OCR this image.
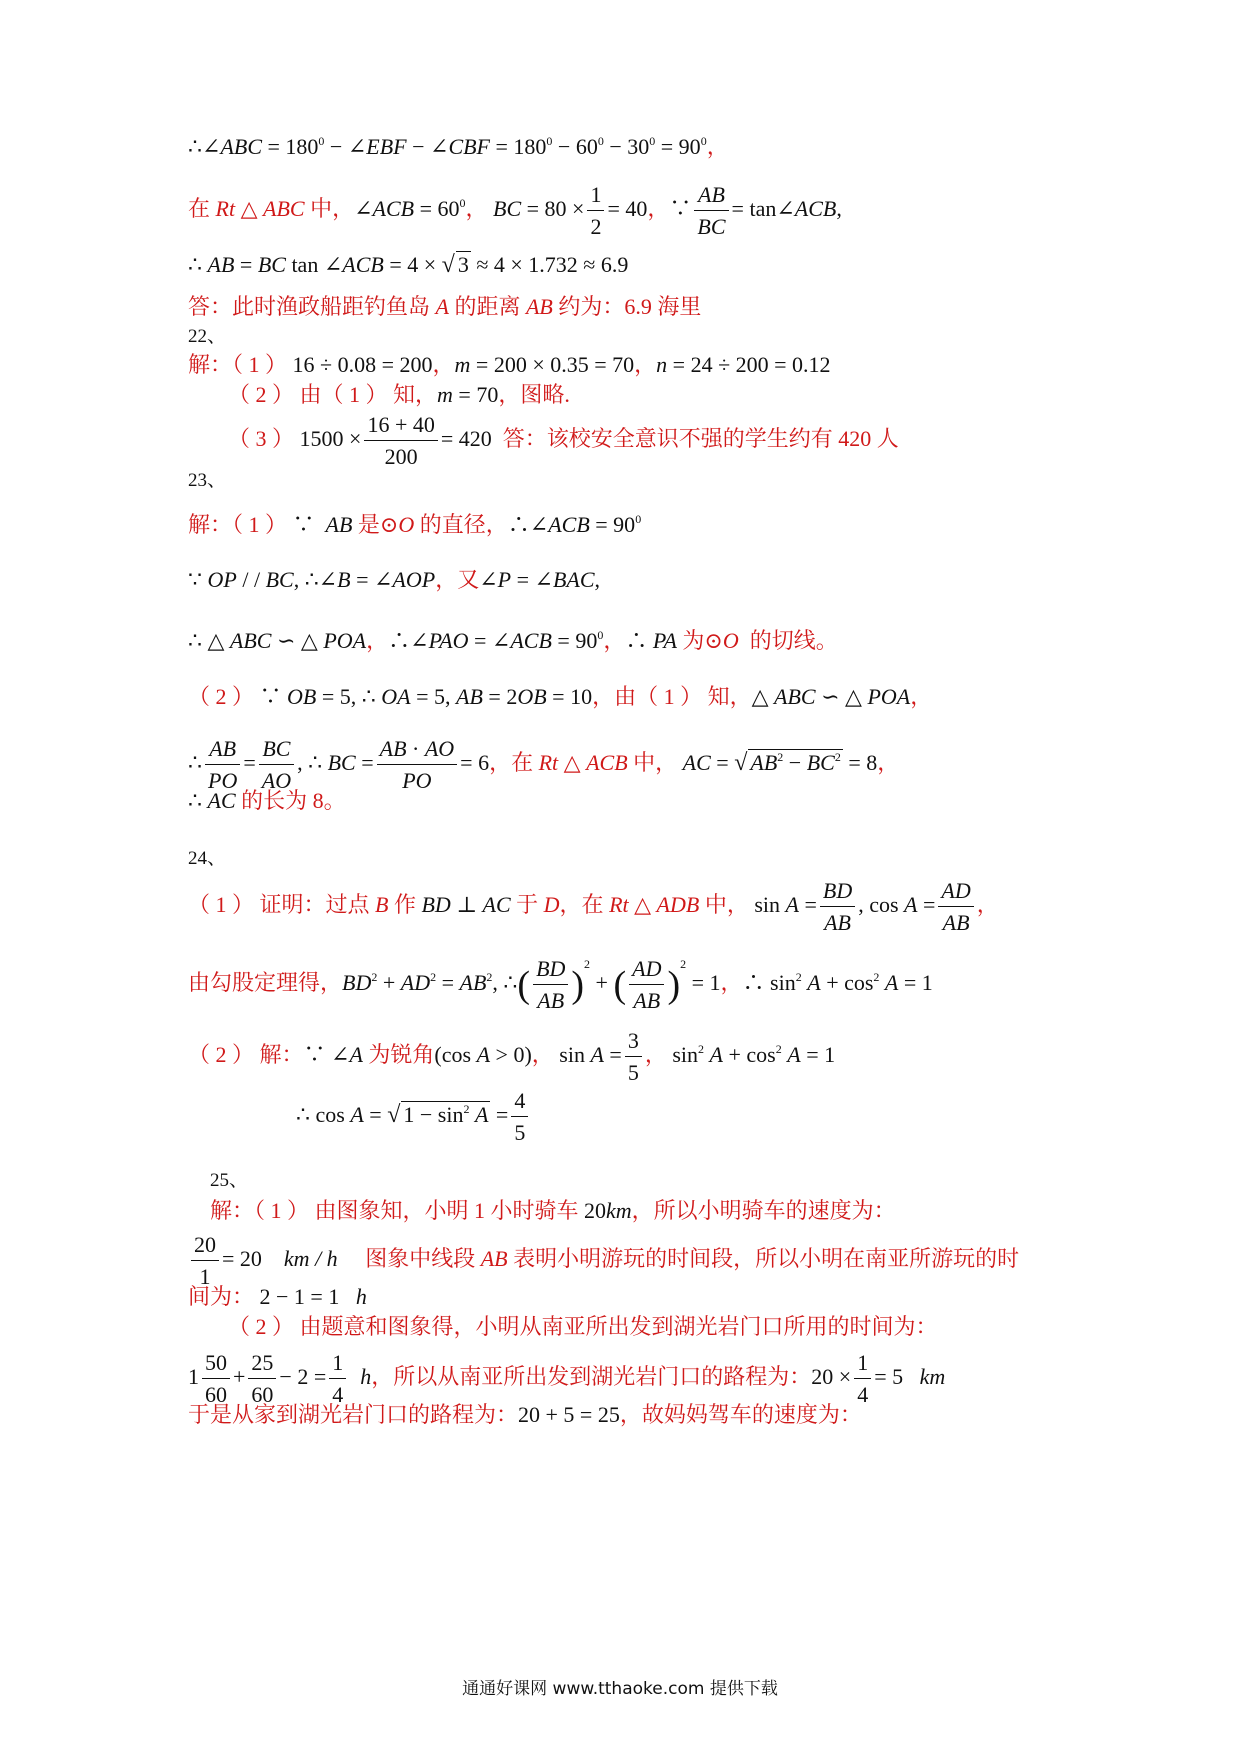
∴∠ABC = $180^0$ − ∠EBF − ∠CBF = $180^0 - 60^0 - 30^0 = 90^0$，
在 Rt △ ABC 中，∠ACB = $60^0$， BC = $80 \times \frac{1}{2} = 40$，∵ $\frac{AB}{BC}$ = tan∠ACB,
∴ AB = BC tan ∠ACB = 4 × √ 3 ≈ 4 × 1.732 ≈ 6.9
答：此时渔政船距钓鱼岛 A 的距离 AB 约为：6.9 海里
22、
解：（ 1 ） 16 ÷ 0.08 = 200，m = 200 × 0.35 = 70，n = 24 ÷ 200 = 0.12
（ 2 ） 由（ 1 ） 知，m = 70，图略.
（ 3 ） $1500 \times \frac{16 + 40}{200} = 420$  答：该校安全意识不强的学生约有 420 人
23、
解：（ 1 ） ∵  AB 是⊙O 的直径，∴∠ACB = $90^0$
∵ OP / / BC, ∴∠B = ∠AOP，又∠P = ∠BAC,
∴ △ ABC ∽ △ POA，∴∠PAO = ∠ACB = $90^0$，∴ PA 为⊙O  的切线。
（ 2 ） ∵ OB = 5, ∴ OA = 5, AB = 2OB = 10，由（ 1 ） 知，△ ABC ∽ △ POA，
∴ $\frac{AB}{PO} = \frac{BC}{AO}$ , ∴ BC = $\frac{AB \cdot AO}{PO} = 6$，在 Rt △ ACB 中， AC = √ $AB^2 - BC^2 = 8$，
∴ AC 的长为 8。
24、
（ 1 ） 证明：过点 B 作 BD ⊥ AC 于 D，在 Rt △ ADB 中， $\sin A = \frac{BD}{AB}$ , $\cos A = \frac{AD}{AB}$ ，
由勾股定理得，$BD^2 + AD^2 = AB^2$, ∴( $\frac{BD}{AB} )^2$ + ( $\frac{AD}{AB} )^2 = 1$，∴ $\sin^2 A + \cos^2 A = 1$
（ 2 ） 解：∵ ∠A 为锐角(cos A > 0)， $\sin A = \frac{3}{5}$ ， $\sin^2 A + \cos^2 A = 1$
∴ cos A = √ $1 - \sin^2 A = \frac{4}{5}$
25、
解：（ 1 ） 由图象知，小明 1 小时骑车 20km，所以小明骑车的速度为：
$\frac{20}{1} = 20$    km / h     图象中线段 AB 表明小明游玩的时间段，所以小明在南亚所游玩的时
间为： 2 − 1 = 1   h
（ 2 ） 由题意和图象得，小明从南亚所出发到湖光岩门口所用的时间为：
$1 \frac{50}{60} + \frac{25}{60} - 2 = \frac{1}{4}$ h，所以从南亚所出发到湖光岩门口的路程为：$20 \times \frac{1}{4} = 5$   km
于是从家到湖光岩门口的路程为：20 + 5 = 25，故妈妈驾车的速度为：
通通好课网 www.tthaoke.com 提供下载
